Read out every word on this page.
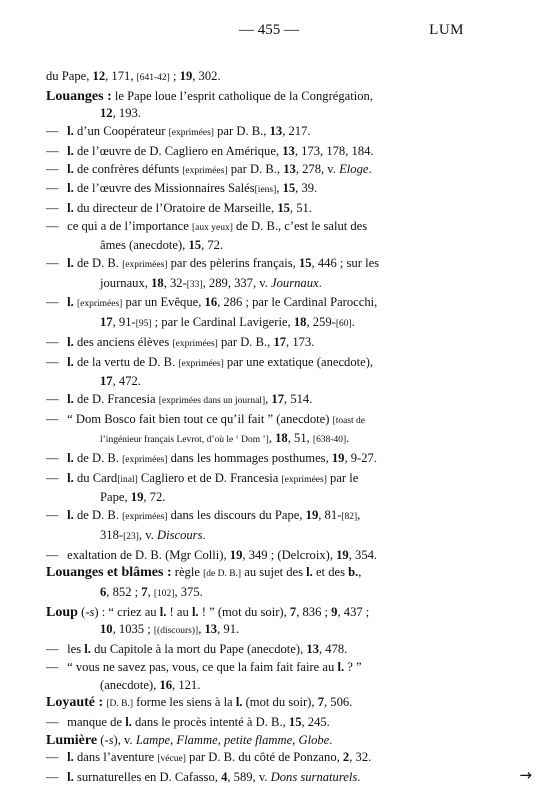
— 455 —	LUM
du Pape, 12, 171, [641-42] ; 19, 302.
Louanges : le Pape loue l’esprit catholique de la Congrégation,
12, 193.
— l. d’un Coopérateur [exprimées] par D. B., 13, 217.
— l. de l’œuvre de D. Cagliero en Amérique, 13, 173, 178, 184.
— l. de confrères défunts [exprimées] par D. B., 13, 278, v. Eloge.
— l. de l’œuvre des Missionnaires Salés[iens], 15, 39.
— l. du directeur de l’Oratoire de Marseille, 15, 51.
— ce qui a de l’importance [aux yeux] de D. B., c’est le salut des
âmes (anecdote), 15, 72.
— l. de D. B. [exprimées] par des pèlerins français, 15, 446 ; sur les
journaux, 18, 32-[33], 289, 337, v. Journaux.
— l. [exprimées] par un Evêque, 16, 286 ; par le Cardinal Parocchi,
17, 91-[95] ; par le Cardinal Lavigerie, 18, 259-[60].
— l. des anciens élèves [exprimées] par D. B., 17, 173.
— l. de la vertu de D. B. [exprimées] par une extatique (anecdote),
17, 472.
— l. de D. Francesia [exprimées dans un journal], 17, 514.
— “ Dom Bosco fait bien tout ce qu’il fait ” (anecdote) [toast de
l’ingénieur français Levrot, d’où le ‘ Dom ’], 18, 51, [638-40].
— l. de D. B. [exprimées] dans les hommages posthumes, 19, 9-27.
— l. du Card[inal] Cagliero et de D. Francesia [exprimées] par le
Pape, 19, 72.
— l. de D. B. [exprimées] dans les discours du Pape, 19, 81-[82],
318-[23], v. Discours.
— exaltation de D. B. (Mgr Colli), 19, 349 ; (Delcroix), 19, 354.
Louanges et blâmes : règle [de D. B.] au sujet des l. et des b.,
6, 852 ; 7, [102], 375.
Loup (-s) : “ criez au l. ! au l. ! ” (mot du soir), 7, 836 ; 9, 437 ;
10, 1035 ; [(discours)], 13, 91.
— les l. du Capitole à la mort du Pape (anecdote), 13, 478.
— “ vous ne savez pas, vous, ce que la faim fait faire au l. ? ”
(anecdote), 16, 121.
Loyauté : [D. B.] forme les siens à la l. (mot du soir), 7, 506.
— manque de l. dans le procès intenté à D. B., 15, 245.
Lumière (-s), v. Lampe, Flamme, petite flamme, Globe.
— l. dans l’aventure [vécue] par D. B. du côté de Ponzano, 2, 32.
— l. surnaturelles en D. Cafasso, 4, 589, v. Dons surnaturels.	→
